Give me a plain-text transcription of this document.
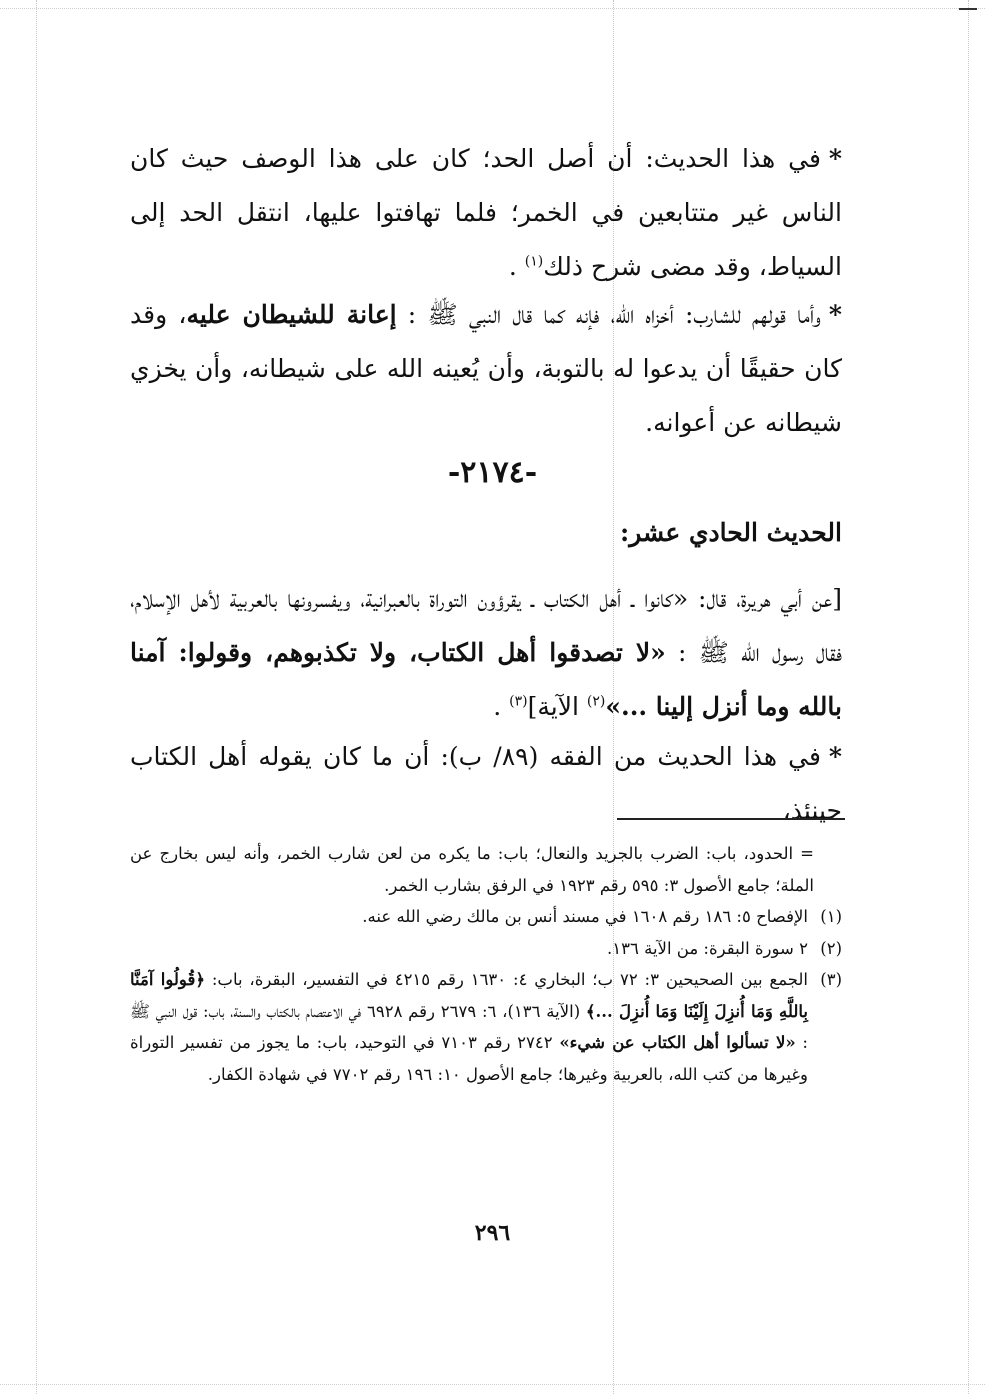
*في هذا الحديث: أن أصل الحد؛ كان على هذا الوصف حيث كان الناس غير متتابعين في الخمر؛ فلما تهافتوا عليها، انتقل الحد إلى السياط، وقد مضى شرح ذلك$^{(١)}$ .

*وأما قولهم للشارب: أخزاه الله، فإنه كما قال النبي ﷺ : إعانة للشيطان عليه، وقد كان حقيقًا أن يدعوا له بالتوبة، وأن يُعينه الله على شيطانه، وأن يخزي شيطانه عن أعوانه.

-٢١٧٤-
الحديث الحادي عشر:

[عن أبي هريرة، قال: «كانوا ـ أهل الكتاب ـ يقرؤون التوراة بالعبرانية، ويفسرونها بالعربية لأهل الإسلام، فقال رسول الله ﷺ : «لا تصدقوا أهل الكتاب، ولا تكذبوهم، وقولوا: آمنا بالله وما أنزل إلينا ...»$^{(٢)}$ الآية]$^{(٣)}$ .

*في هذا الحديث من الفقه (٨٩/ ب): أن ما كان يقوله أهل الكتاب حينئذ،

= الحدود، باب: الضرب بالجريد والنعال؛ باب: ما يكره من لعن شارب الخمر، وأنه ليس بخارج عن الملة؛ جامع الأصول ٣: ٥٩٥ رقم ١٩٢٣ في الرفق بشارب الخمر.

(١)الإفصاح ٥: ١٨٦ رقم ١٦٠٨ في مسند أنس بن مالك رضي الله عنه.

(٢)٢ سورة البقرة: من الآية ١٣٦.

(٣)الجمع بين الصحيحين ٣: ٧٢ ب؛ البخاري ٤: ١٦٣٠ رقم ٤٢١٥ في التفسير، البقرة، باب: ﴿قُولُوا آمَنَّا بِاللَّهِ وَمَا أُنزِلَ إِلَيْنَا وَمَا أُنزِلَ ...﴾ (الآية ١٣٦)، ٦: ٢٦٧٩ رقم ٦٩٢٨ في الاعتصام بالكتاب والسنة، باب: قول النبي ﷺ : «لا تسألوا أهل الكتاب عن شيء» ٢٧٤٢ رقم ٧١٠٣ في التوحيد، باب: ما يجوز من تفسير التوراة وغيرها من كتب الله، بالعربية وغيرها؛ جامع الأصول ١٠: ١٩٦ رقم ٧٧٠٢ في شهادة الكفار.

٢٩٦
